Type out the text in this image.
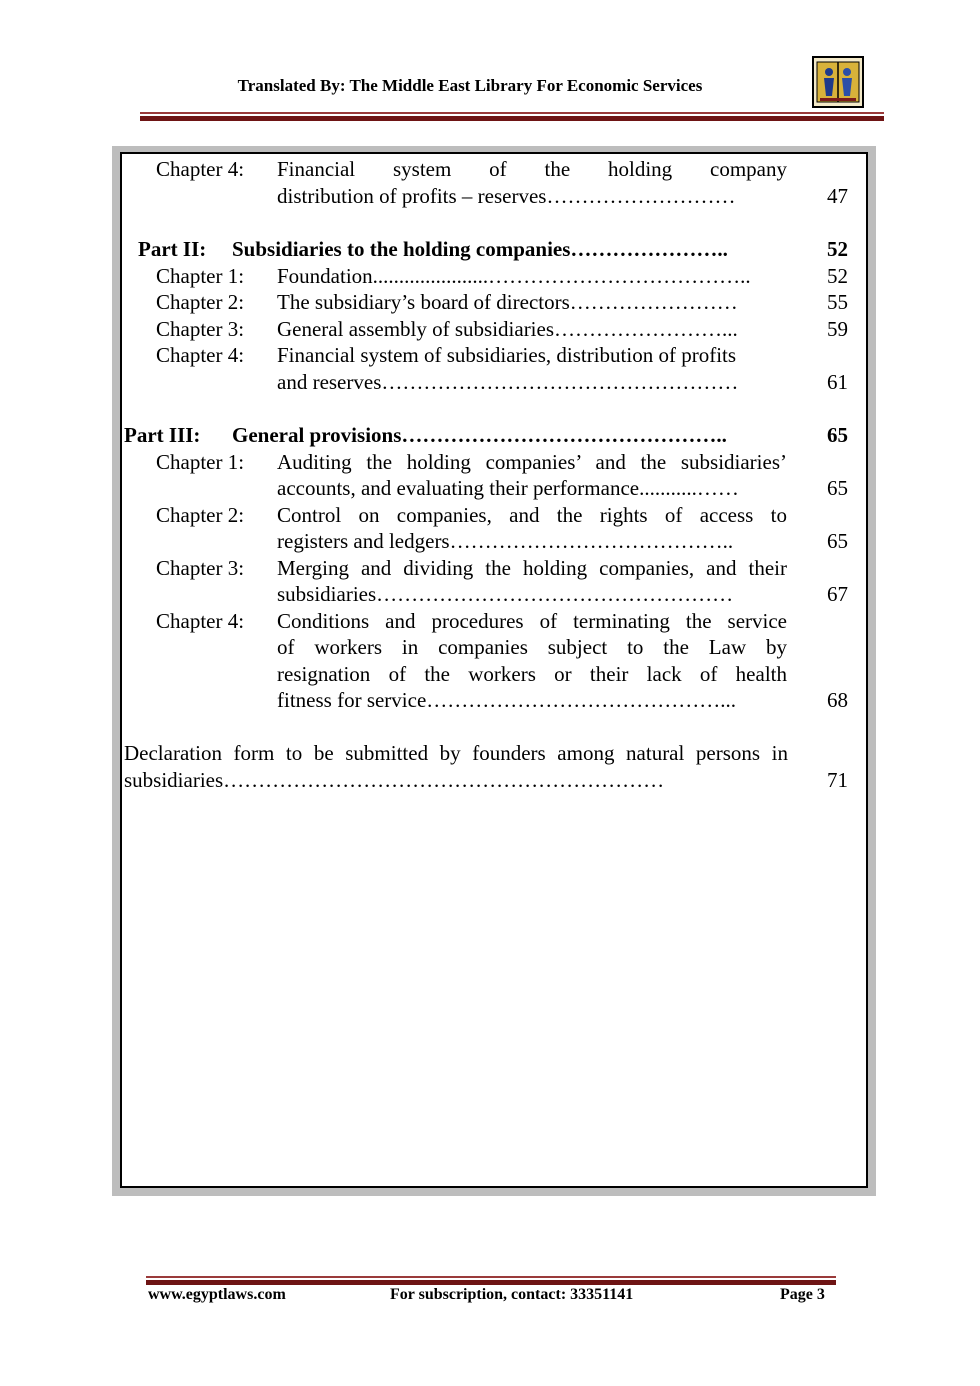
Translated By: The Middle East Library For Economic Services
Chapter 4:	Financial system of the holding company
distribution of profits – reserves………………………	47
Part II: Subsidiaries to the holding companies…………………..	52
Chapter 1:	Foundation......................………………………………..	52
Chapter 2:	The subsidiary’s board of directors……………………	55
Chapter 3:	General assembly of subsidiaries……………………...	59
Chapter 4:	Financial system of subsidiaries, distribution of profits
and reserves……………………………………………	61
Part III: General provisions………………………………………..	65
Chapter 1:	Auditing the holding companies’ and the subsidiaries’
accounts, and evaluating their performance...........……	65
Chapter 2:	Control on companies, and the rights of access to
registers and ledgers…………………………………..	65
Chapter 3:	Merging and dividing the holding companies, and their
subsidiaries……………………………………………	67
Chapter 4:	Conditions and procedures of terminating the service
of workers in companies subject to the Law by
resignation of the workers or their lack of health
fitness for service……………………………………...	68
Declaration form to be submitted by founders among natural persons in
subsidiaries………………………………………………………	71
www.egyptlaws.com	For subscription, contact: 33351141	Page 3
